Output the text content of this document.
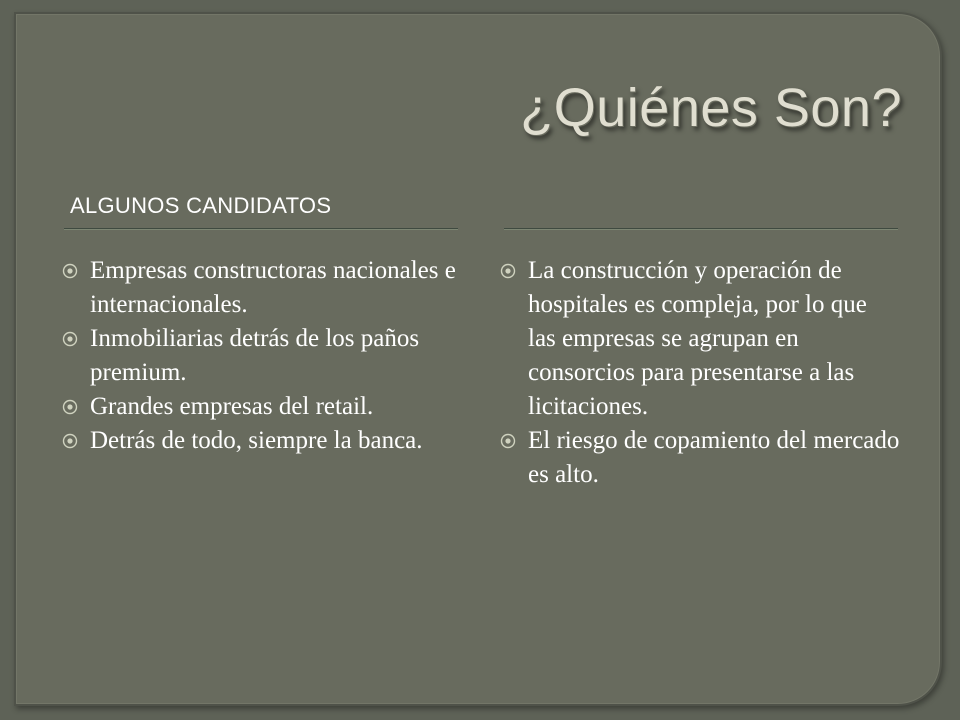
¿Quiénes Son?
ALGUNOS CANDIDATOS
Empresas constructoras nacionales e internacionales.
Inmobiliarias detrás de los paños premium.
Grandes empresas del retail.
Detrás de todo, siempre la banca.
La construcción y operación de hospitales es compleja, por lo que las empresas se agrupan en consorcios para presentarse a las licitaciones.
El riesgo de copamiento del mercado es alto.
